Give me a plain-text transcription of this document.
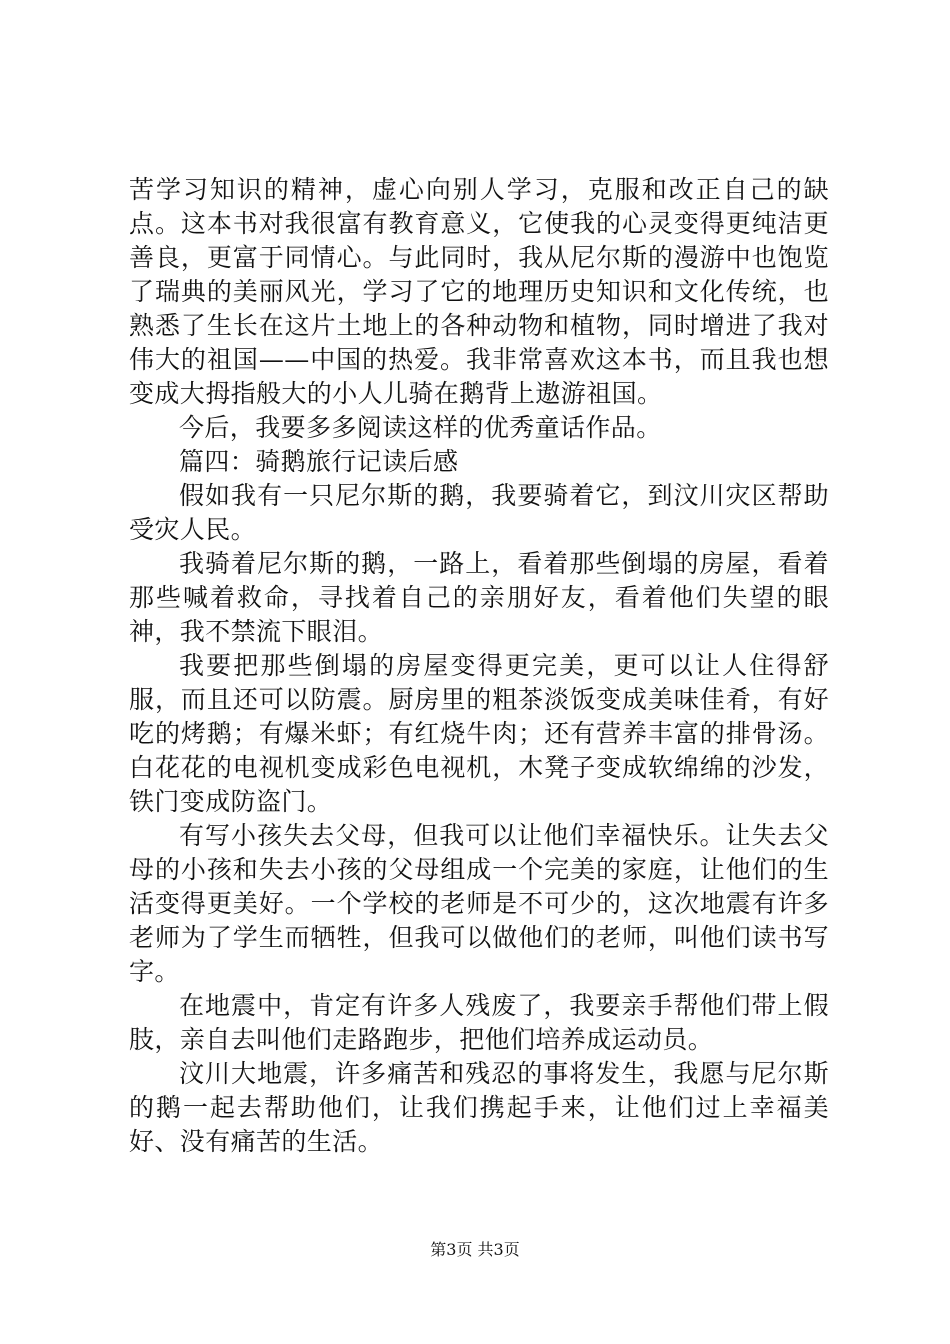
苦学习知识的精神，虚心向别人学习，克服和改正自己的缺点。这本书对我很富有教育意义，它使我的心灵变得更纯洁更善良，更富于同情心。与此同时，我从尼尔斯的漫游中也饱览了瑞典的美丽风光，学习了它的地理历史知识和文化传统，也熟悉了生长在这片土地上的各种动物和植物，同时增进了我对伟大的祖国——中国的热爱。我非常喜欢这本书，而且我也想变成大拇指般大的小人儿骑在鹅背上遨游祖国。

今后，我要多多阅读这样的优秀童话作品。

篇四：骑鹅旅行记读后感

假如我有一只尼尔斯的鹅，我要骑着它，到汶川灾区帮助受灾人民。

我骑着尼尔斯的鹅，一路上，看着那些倒塌的房屋，看着那些喊着救命，寻找着自己的亲朋好友，看着他们失望的眼神，我不禁流下眼泪。

我要把那些倒塌的房屋变得更完美，更可以让人住得舒服，而且还可以防震。厨房里的粗茶淡饭变成美味佳肴，有好吃的烤鹅；有爆米虾；有红烧牛肉；还有营养丰富的排骨汤。白花花的电视机变成彩色电视机，木凳子变成软绵绵的沙发，铁门变成防盗门。

有写小孩失去父母，但我可以让他们幸福快乐。让失去父母的小孩和失去小孩的父母组成一个完美的家庭，让他们的生活变得更美好。一个学校的老师是不可少的，这次地震有许多老师为了学生而牺牲，但我可以做他们的老师，叫他们读书写字。

在地震中，肯定有许多人残废了，我要亲手帮他们带上假肢，亲自去叫他们走路跑步，把他们培养成运动员。

汶川大地震，许多痛苦和残忍的事将发生，我愿与尼尔斯的鹅一起去帮助他们，让我们携起手来，让他们过上幸福美好、没有痛苦的生活。

第3页 共3页
